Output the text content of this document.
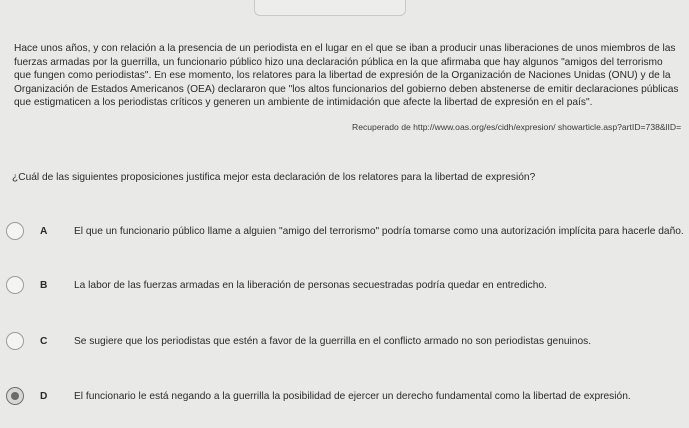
Hace unos años, y con relación a la presencia de un periodista en el lugar en el que se iban a producir unas liberaciones de unos miembros de las fuerzas armadas por la guerrilla, un funcionario público hizo una declaración pública en la que afirmaba que hay algunos "amigos del terrorismo que fungen como periodistas". En ese momento, los relatores para la libertad de expresión de la Organización de Naciones Unidas (ONU) y de la Organización de Estados Americanos (OEA) declararon que "los altos funcionarios del gobierno deben abstenerse de emitir declaraciones públicas que estigmaticen a los periodistas críticos y generen un ambiente de intimidación que afecte la libertad de expresión en el país".
Recuperado de http://www.oas.org/es/cidh/expresion/ showarticle.asp?artID=738&lID=
¿Cuál de las siguientes proposiciones justifica mejor esta declaración de los relatores para la libertad de expresión?
A	El que un funcionario público llame a alguien "amigo del terrorismo" podría tomarse como una autorización implícita para hacerle daño.
B	La labor de las fuerzas armadas en la liberación de personas secuestradas podría quedar en entredicho.
C	Se sugiere que los periodistas que estén a favor de la guerrilla en el conflicto armado no son periodistas genuinos.
D	El funcionario le está negando a la guerrilla la posibilidad de ejercer un derecho fundamental como la libertad de expresión.
